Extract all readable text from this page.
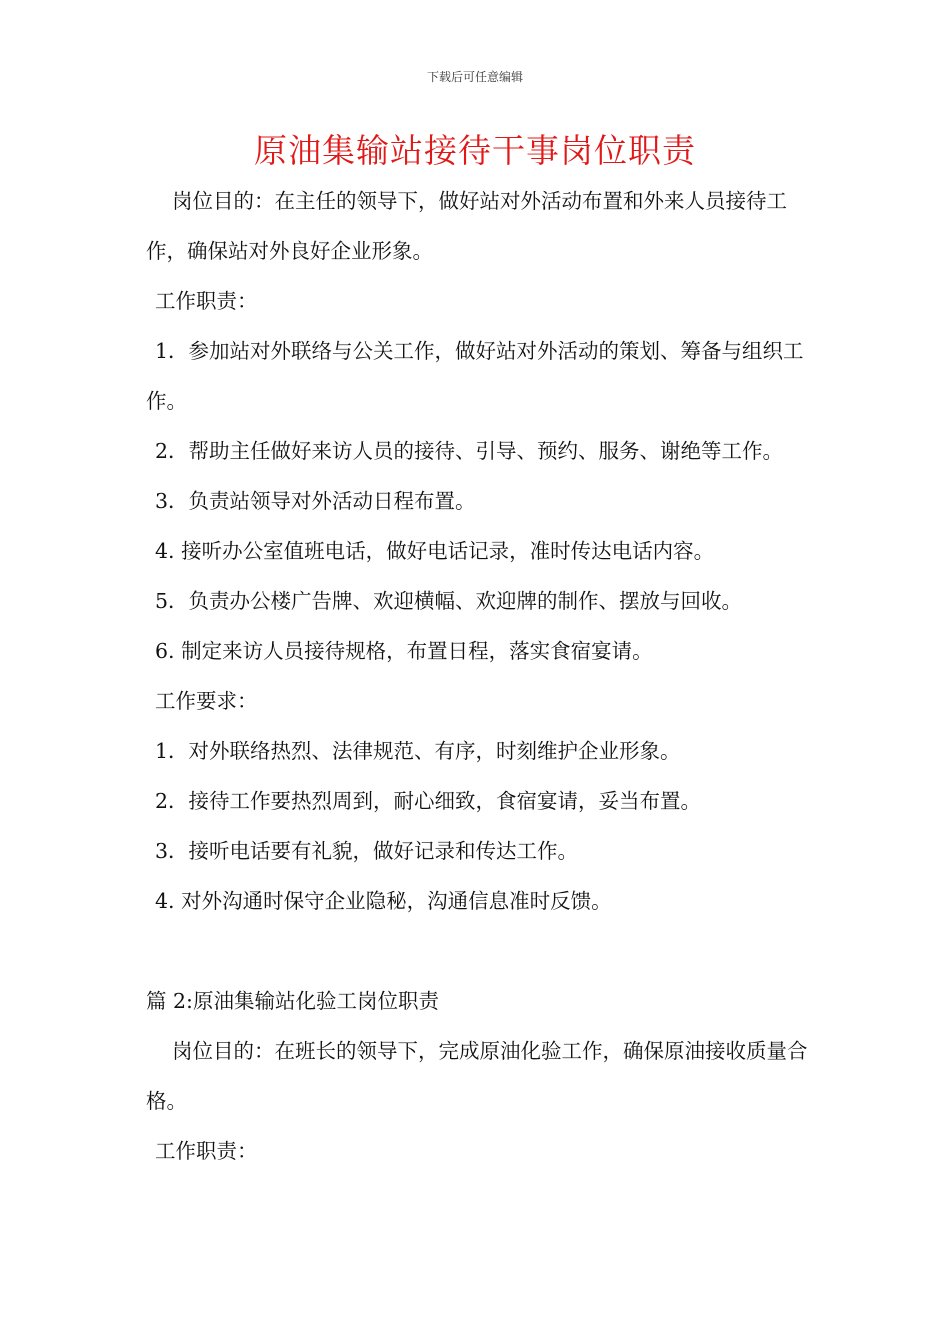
下载后可任意编辑
原油集输站接待干事岗位职责

岗位目的：在主任的领导下，做好站对外活动布置和外来人员接待工作，确保站对外良好企业形象。

工作职责：

1．参加站对外联络与公关工作，做好站对外活动的策划、筹备与组织工作。

2．帮助主任做好来访人员的接待、引导、预约、服务、谢绝等工作。

3．负责站领导对外活动日程布置。

4. 接听办公室值班电话，做好电话记录，准时传达电话内容。

5．负责办公楼广告牌、欢迎横幅、欢迎牌的制作、摆放与回收。

6. 制定来访人员接待规格，布置日程，落实食宿宴请。

工作要求：

1．对外联络热烈、法律规范、有序，时刻维护企业形象。

2．接待工作要热烈周到，耐心细致，食宿宴请，妥当布置。

3．接听电话要有礼貌，做好记录和传达工作。

4. 对外沟通时保守企业隐秘，沟通信息准时反馈。

篇 2:原油集输站化验工岗位职责

岗位目的：在班长的领导下，完成原油化验工作，确保原油接收质量合格。

工作职责：
